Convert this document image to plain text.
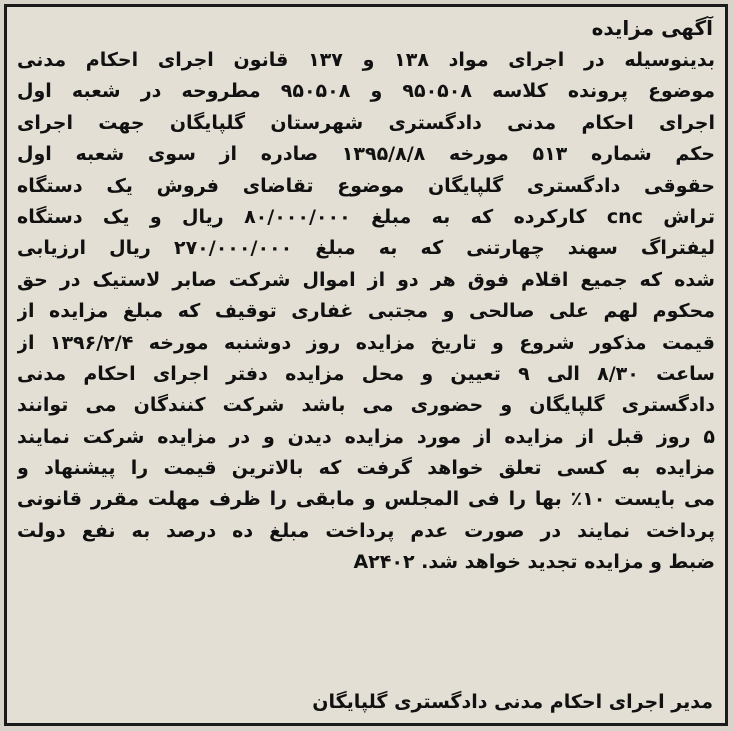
آگهی مزایده
بدینوسیله در اجرای مواد ۱۳۸ و ۱۳۷ قانون اجرای احکام مدنی
موضوع پرونده کلاسه ۹۵۰۵۰۸ و ۹۵۰۵۰۸ مطروحه در شعبه اول
اجرای احکام مدنی دادگستری شهرستان گلپایگان جهت اجرای
حکم شماره ۵۱۳ مورخه ۱۳۹۵/۸/۸ صادره از سوی شعبه اول
حقوقی دادگستری گلپایگان موضوع تقاضای فروش یک دستگاه
تراش cnc کارکرده که به مبلغ ۸۰/۰۰۰/۰۰۰ ریال و یک دستگاه
لیفتراگ سهند چهارتنی که به مبلغ ۲۷۰/۰۰۰/۰۰۰ ریال ارزیابی
شده که جمیع اقلام فوق هر دو از اموال شرکت صابر لاستیک در حق
محکوم لهم علی صالحی و مجتبی غفاری توقیف که مبلغ مزایده از
قیمت مذکور شروع و تاریخ مزایده روز دوشنبه مورخه ۱۳۹۶/۲/۴ از
ساعت ۸/۳۰ الی ۹ تعیین و محل مزایده دفتر اجرای احکام مدنی
دادگستری گلپایگان و حضوری می باشد شرکت کنندگان می توانند
۵ روز قبل از مزایده از مورد مزایده دیدن و در مزایده شرکت نمایند
مزایده به کسی تعلق خواهد گرفت که بالاترین قیمت را پیشنهاد و
می بایست ۱۰٪ بها را فی المجلس و مابقی را ظرف مهلت مقرر قانونی
پرداخت نمایند در صورت عدم پرداخت مبلغ ده درصد به نفع دولت
ضبط و مزایده تجدید خواهد شد. A۲۴۰۲
مدیر اجرای احکام مدنی دادگستری گلپایگان
